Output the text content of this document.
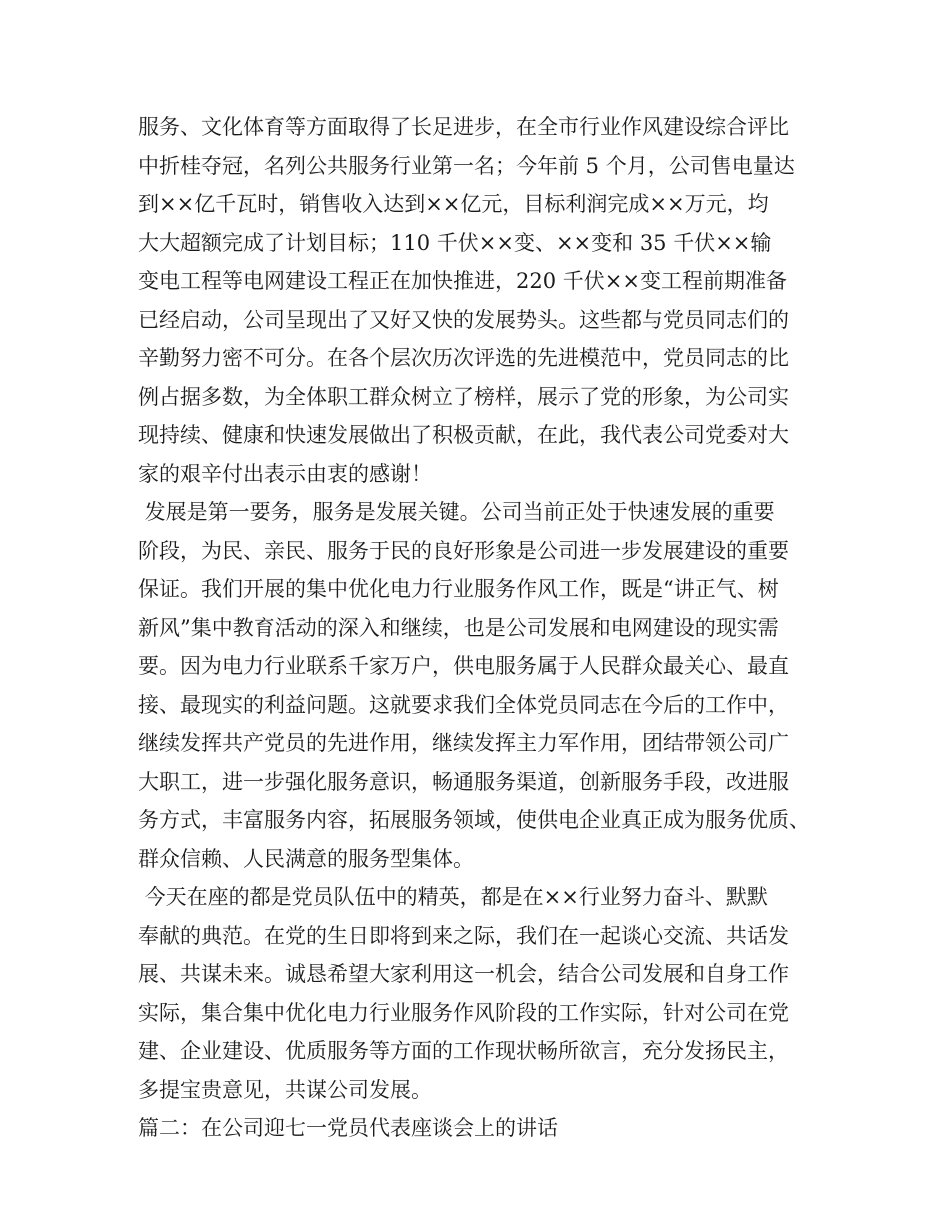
服务、文化体育等方面取得了长足进步，在全市行业作风建设综合评比
中折桂夺冠，名列公共服务行业第一名；今年前 5 个月，公司售电量达
到××亿千瓦时，销售收入达到××亿元，目标利润完成××万元，均
大大超额完成了计划目标；110 千伏××变、××变和 35 千伏××输
变电工程等电网建设工程正在加快推进，220 千伏××变工程前期准备
已经启动，公司呈现出了又好又快的发展势头。这些都与党员同志们的
辛勤努力密不可分。在各个层次历次评选的先进模范中，党员同志的比
例占据多数，为全体职工群众树立了榜样，展示了党的形象，为公司实
现持续、健康和快速发展做出了积极贡献，在此，我代表公司党委对大
家的艰辛付出表示由衷的感谢！
发展是第一要务，服务是发展关键。公司当前正处于快速发展的重要
阶段，为民、亲民、服务于民的良好形象是公司进一步发展建设的重要
保证。我们开展的集中优化电力行业服务作风工作，既是“讲正气、树
新风”集中教育活动的深入和继续，也是公司发展和电网建设的现实需
要。因为电力行业联系千家万户，供电服务属于人民群众最关心、最直
接、最现实的利益问题。这就要求我们全体党员同志在今后的工作中，
继续发挥共产党员的先进作用，继续发挥主力军作用，团结带领公司广
大职工，进一步强化服务意识，畅通服务渠道，创新服务手段，改进服
务方式，丰富服务内容，拓展服务领域，使供电企业真正成为服务优质、
群众信赖、人民满意的服务型集体。
今天在座的都是党员队伍中的精英，都是在××行业努力奋斗、默默
奉献的典范。在党的生日即将到来之际，我们在一起谈心交流、共话发
展、共谋未来。诚恳希望大家利用这一机会，结合公司发展和自身工作
实际，集合集中优化电力行业服务作风阶段的工作实际，针对公司在党
建、企业建设、优质服务等方面的工作现状畅所欲言，充分发扬民主，
多提宝贵意见，共谋公司发展。
篇二：在公司迎七一党员代表座谈会上的讲话
